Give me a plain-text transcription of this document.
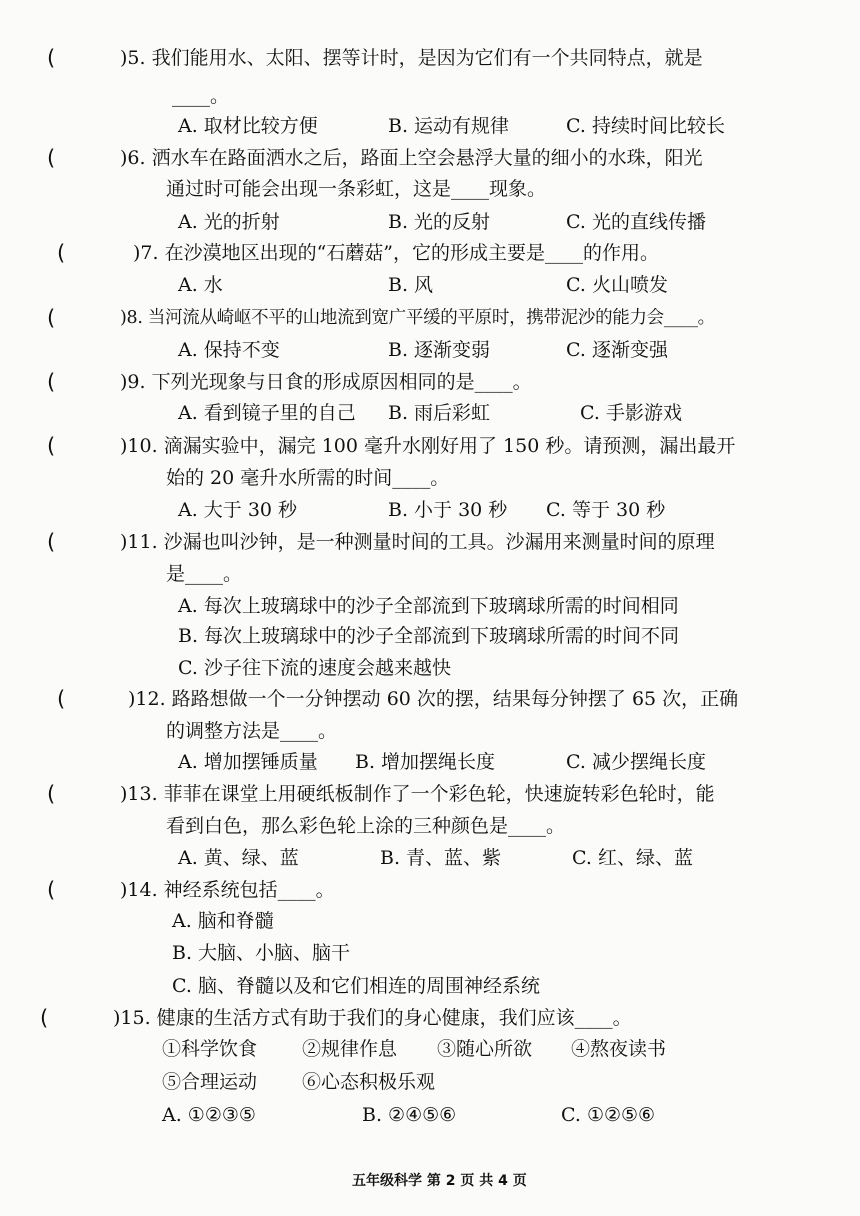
(	)5. 我们能用水、太阳、摆等计时，是因为它们有一个共同特点，就是
____。
A. 取材比较方便	B. 运动有规律	C. 持续时间比较长
(	)6. 洒水车在路面洒水之后，路面上空会悬浮大量的细小的水珠，阳光
通过时可能会出现一条彩虹，这是____现象。
A. 光的折射	B. 光的反射	C. 光的直线传播
(	)7. 在沙漠地区出现的“石蘑菇”，它的形成主要是____的作用。
A. 水	B. 风	C. 火山喷发
(	)8. 当河流从崎岖不平的山地流到宽广平缓的平原时，携带泥沙的能力会____。
A. 保持不变	B. 逐渐变弱	C. 逐渐变强
(	)9. 下列光现象与日食的形成原因相同的是____。
A. 看到镜子里的自己 B. 雨后彩虹	C. 手影游戏
(	)10. 滴漏实验中，漏完 100 毫升水刚好用了 150 秒。请预测，漏出最开
始的 20 毫升水所需的时间____。
A. 大于 30 秒	B. 小于 30 秒 C. 等于 30 秒
(	)11. 沙漏也叫沙钟，是一种测量时间的工具。沙漏用来测量时间的原理
是____。
A. 每次上玻璃球中的沙子全部流到下玻璃球所需的时间相同
B. 每次上玻璃球中的沙子全部流到下玻璃球所需的时间不同
C. 沙子往下流的速度会越来越快
(	)12. 路路想做一个一分钟摆动 60 次的摆，结果每分钟摆了 65 次，正确
的调整方法是____。
A. 增加摆锤质量 B. 增加摆绳长度	C. 减少摆绳长度
(	)13. 菲菲在课堂上用硬纸板制作了一个彩色轮，快速旋转彩色轮时，能
看到白色，那么彩色轮上涂的三种颜色是____。
A. 黄、绿、蓝	B. 青、蓝、紫	C. 红、绿、蓝
(	)14. 神经系统包括____。
A. 脑和脊髓
B. 大脑、小脑、脑干
C. 脑、脊髓以及和它们相连的周围神经系统
(	)15. 健康的生活方式有助于我们的身心健康，我们应该____。
①科学饮食 ②规律作息 ③随心所欲 ④熬夜读书
⑤合理运动 ⑥心态积极乐观
A. ①②③⑤	B. ②④⑤⑥	C. ①②⑤⑥
五年级科学 第 2 页 共 4 页
